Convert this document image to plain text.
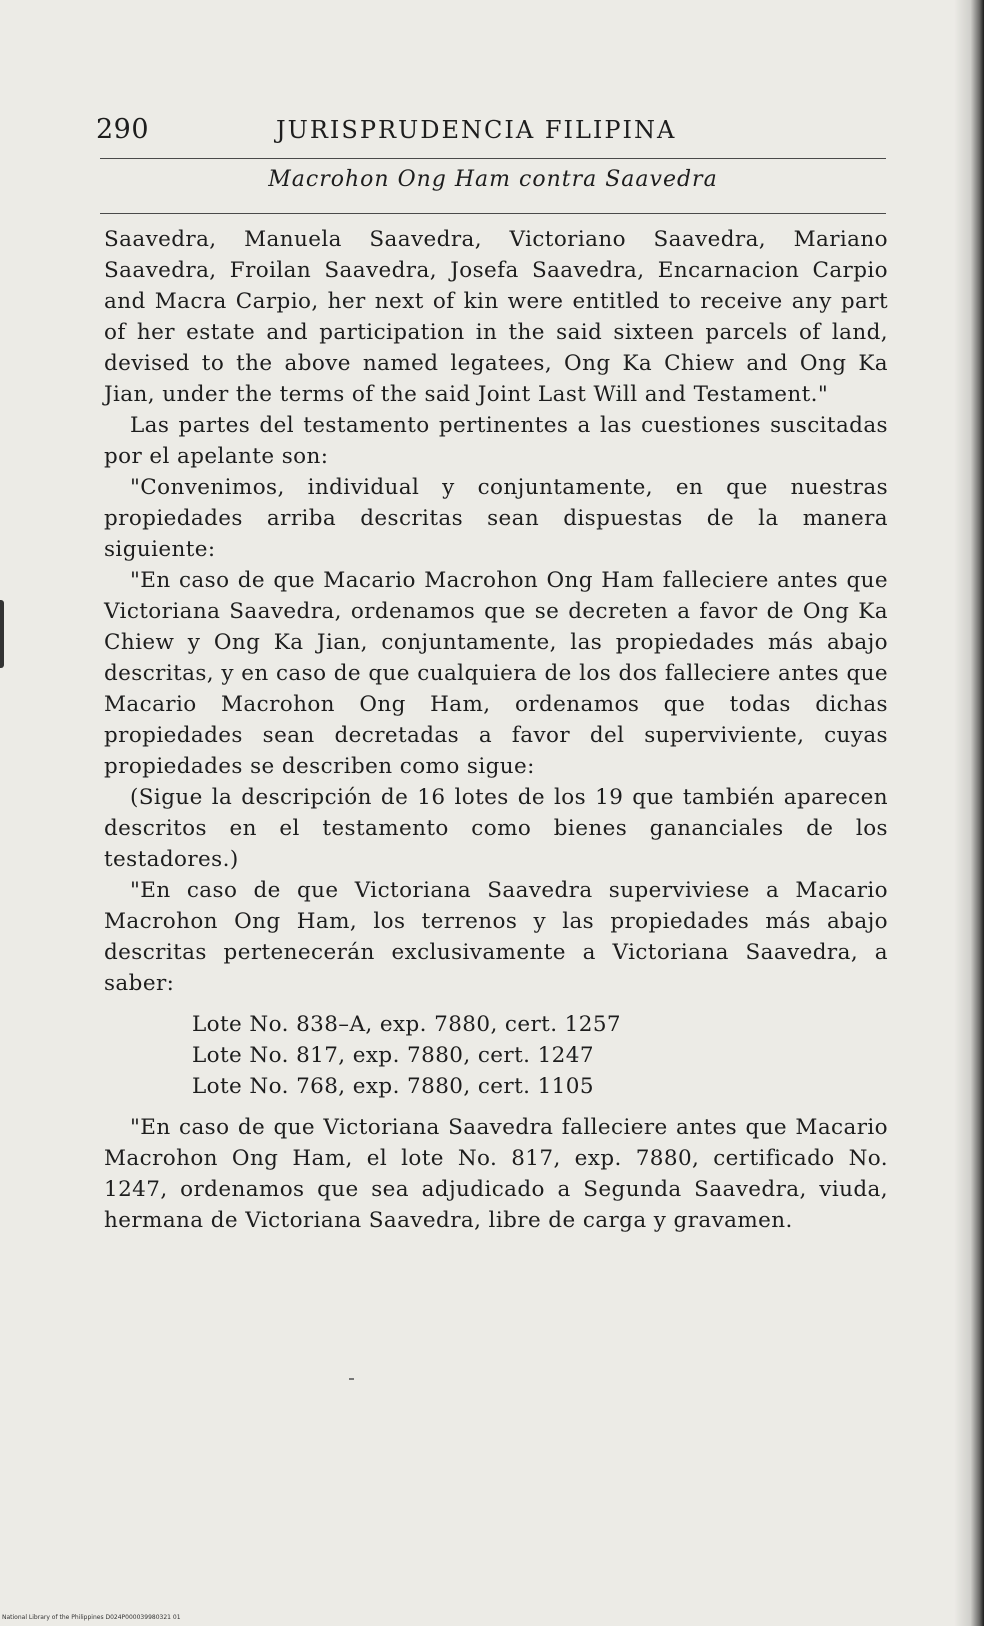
290	JURISPRUDENCIA FILIPINA
Macrohon Ong Ham contra Saavedra

Saavedra, Manuela Saavedra, Victoriano Saavedra, Mariano Saavedra, Froilan Saavedra, Josefa Saavedra, Encarnacion Carpio and Macra Carpio, her next of kin were entitled to receive any part of her estate and participation in the said sixteen parcels of land, devised to the above named legatees, Ong Ka Chiew and Ong Ka Jian, under the terms of the said Joint Last Will and Testament."

Las partes del testamento pertinentes a las cuestiones suscitadas por el apelante son:

"Convenimos, individual y conjuntamente, en que nuestras propiedades arriba descritas sean dispuestas de la manera siguiente:

"En caso de que Macario Macrohon Ong Ham falleciere antes que Victoriana Saavedra, ordenamos que se decreten a favor de Ong Ka Chiew y Ong Ka Jian, conjuntamente, las propiedades más abajo descritas, y en caso de que cualquiera de los dos falleciere antes que Macario Macrohon Ong Ham, ordenamos que todas dichas propiedades sean decretadas a favor del superviviente, cuyas propiedades se describen como sigue:

(Sigue la descripción de 16 lotes de los 19 que también aparecen descritos en el testamento como bienes gananciales de los testadores.)

"En caso de que Victoriana Saavedra superviviese a Macario Macrohon Ong Ham, los terrenos y las propiedades más abajo descritas pertenecerán exclusivamente a Victoriana Saavedra, a saber:

Lote No. 838–A, exp. 7880, cert. 1257
Lote No. 817, exp. 7880, cert. 1247
Lote No. 768, exp. 7880, cert. 1105

"En caso de que Victoriana Saavedra falleciere antes que Macario Macrohon Ong Ham, el lote No. 817, exp. 7880, certificado No. 1247, ordenamos que sea adjudicado a Segunda Saavedra, viuda, hermana de Victoriana Saavedra, libre de carga y gravamen.

National Library of the Philippines D024P000039980321 01
